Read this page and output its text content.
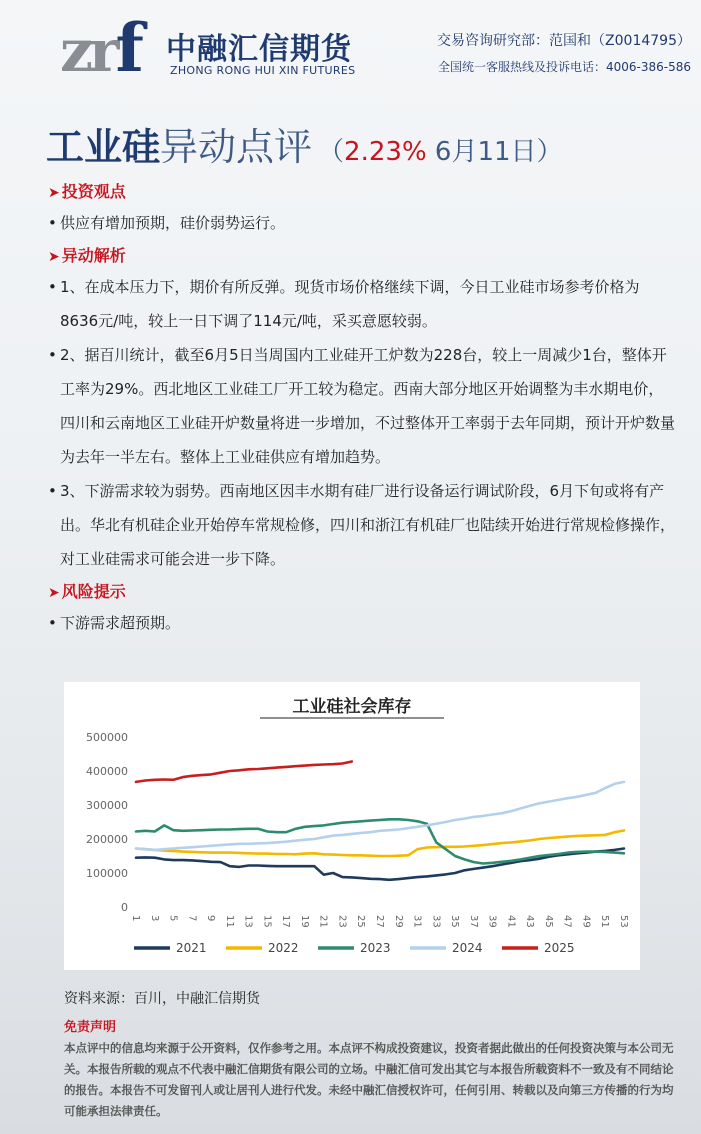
zrf 中融汇信期货
ZHONG RONG HUI XIN FUTURES
交易咨询研究部：范国和（Z0014795）
全国统一客服热线及投诉电话：4006-386-586
工业硅异动点评 （2.23% 6月11日）
➤ 投资观点
• 供应有增加预期，硅价弱势运行。
➤ 异动解析
• 1、在成本压力下，期价有所反弹。现货市场价格继续下调，今日工业硅市场参考价格为8636元/吨，较上一日下调了114元/吨，采买意愿较弱。
• 2、据百川统计，截至6月5日当周国内工业硅开工炉数为228台，较上一周减少1台，整体开工率为29%。西北地区工业硅工厂开工较为稳定。西南大部分地区开始调整为丰水期电价，四川和云南地区工业硅开炉数量将进一步增加，不过整体开工率弱于去年同期，预计开炉数量为去年一半左右。整体上工业硅供应有增加趋势。
• 3、下游需求较为弱势。西南地区因丰水期有硅厂进行设备运行调试阶段，6月下旬或将有产出。华北有机硅企业开始停车常规检修，四川和浙江有机硅厂也陆续开始进行常规检修操作，对工业硅需求可能会进一步下降。
➤ 风险提示
• 下游需求超预期。
工业硅社会库存
0
100000
200000
300000
400000
500000
1 3 5 7 9 11 13 15 17 19 21 23 25 27 29 31 33 35 37 39 41 43 45 47 49 51 53
2021	2022	2023	2024	2025
资料来源：百川，中融汇信期货
免责声明
本点评中的信息均来源于公开资料，仅作参考之用。本点评不构成投资建议，投资者据此做出的任何投资决策与本公司无关。本报告所载的观点不代表中融汇信期货有限公司的立场。中融汇信可发出其它与本报告所载资料不一致及有不同结论的报告。本报告不可发留刊人或让居刊人进行代发。未经中融汇信授权许可，任何引用、转载以及向第三方传播的行为均可能承担法律责任。
